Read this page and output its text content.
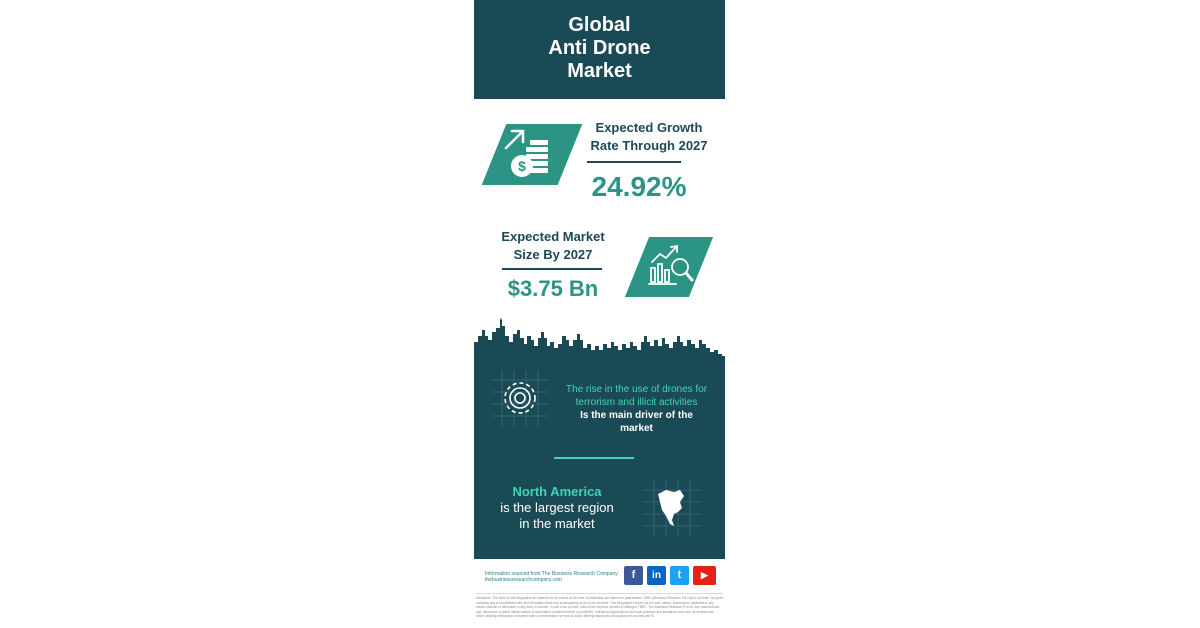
Global
Anti Drone
Market
$
Expected Growth
Rate Through 2027
24.92%
Expected Market
Size By 2027
$3.75 Bn
The rise in the use of drones for
terrorism and illicit activities
Is the main driver of the
market
North America
is the largest region
in the market
Information sourced from The Business Research Company
thebusinessresearchcompany.com	f	in	t	▶
Disclaimer: The facts of this infographic are believed to be correct at the time of publication but cannot be guaranteed. TBRC (Business Research Pvt Ltd) is a private, for-profit company and is not affiliated with any information that may subsequently prove to be incorrect. This infographic should not be used, stored, reproduced, published to any media, website or otherwise, in any form or manner, in part or as a whole, without the express consent in writing of TBRC. The Business Research Pvt Ltd. Any unauthorized use, disclosure or public dissemination of information contained herein is prohibited. Individual organizations and local practices and standards may vary, as reviews and others utilizing information contained within a presentation are free to adopt differing standards and approaches as they see fit.
